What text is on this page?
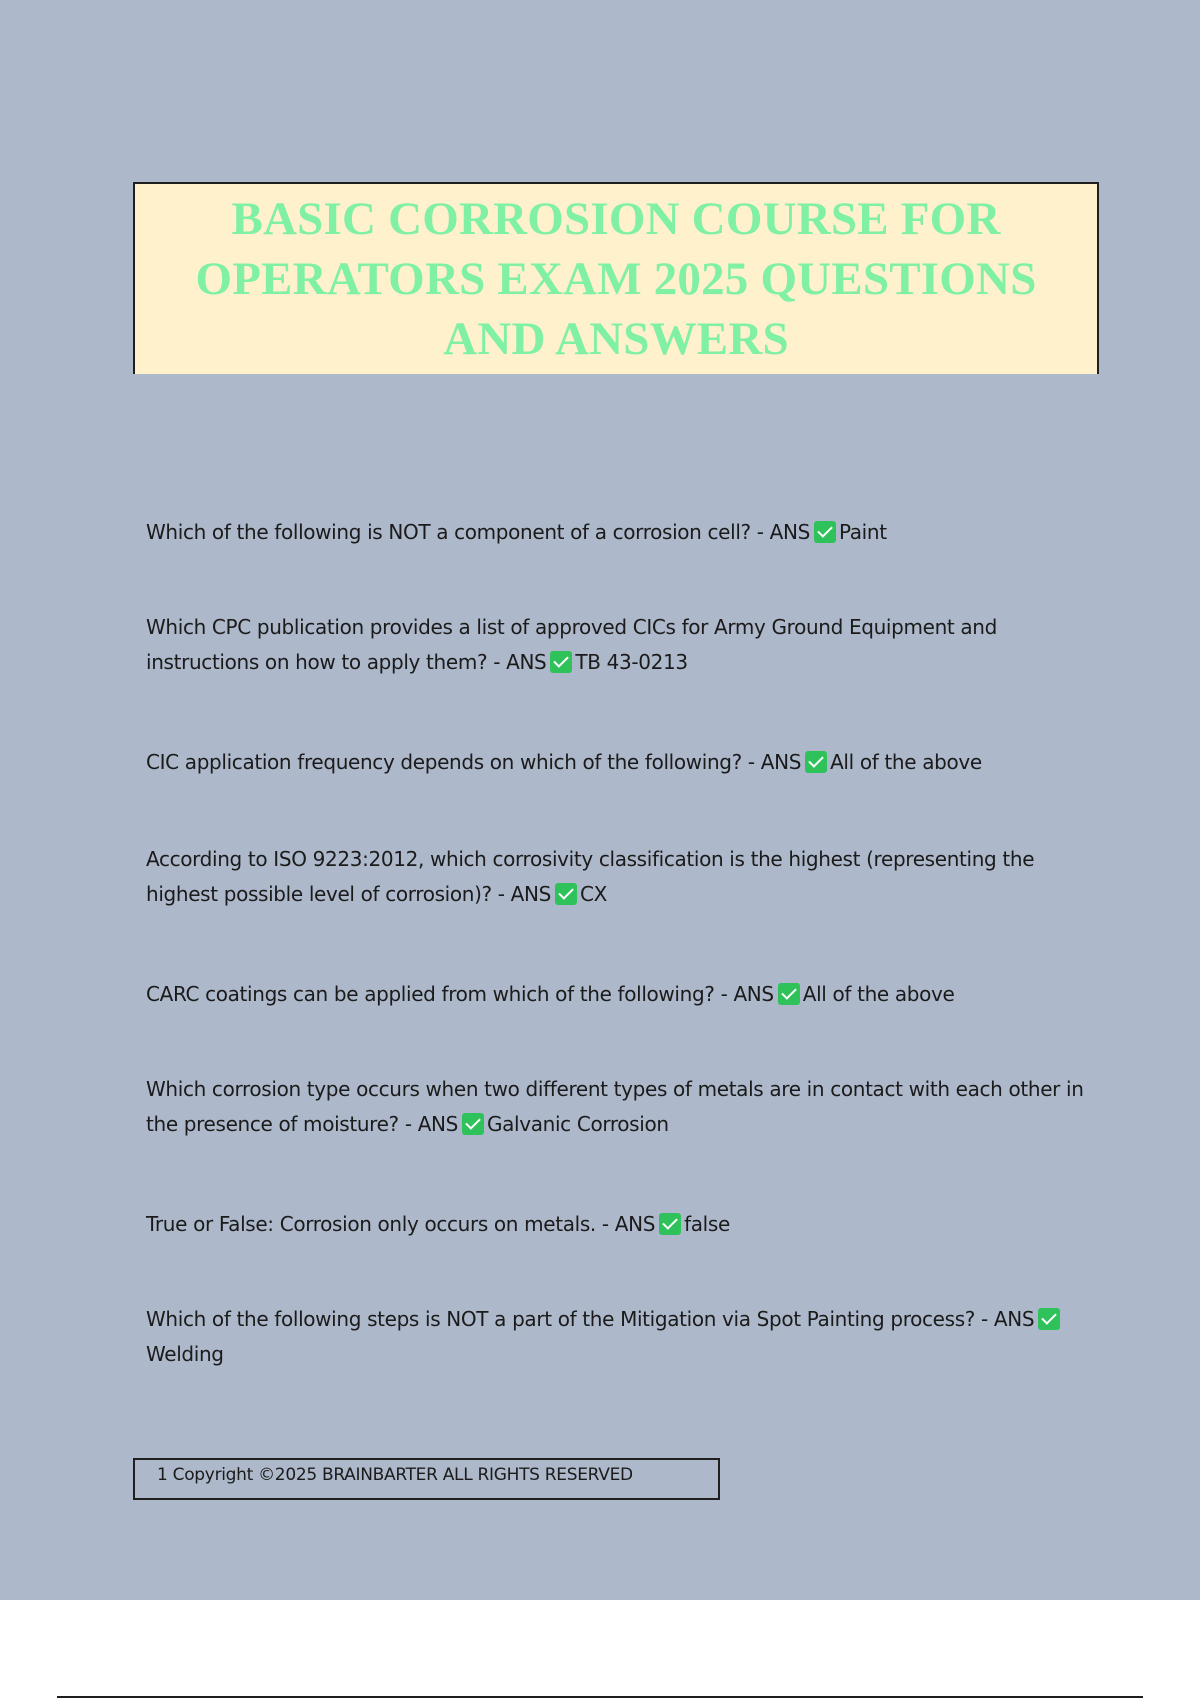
BASIC CORROSION COURSE FOR OPERATORS EXAM 2025 QUESTIONS AND ANSWERS

Which of the following is NOT a component of a corrosion cell? - ANS Paint

Which CPC publication provides a list of approved CICs for Army Ground Equipment and instructions on how to apply them? - ANS TB 43-0213

CIC application frequency depends on which of the following? - ANS All of the above

According to ISO 9223:2012, which corrosivity classification is the highest (representing the highest possible level of corrosion)? - ANS CX

CARC coatings can be applied from which of the following? - ANS All of the above

Which corrosion type occurs when two different types of metals are in contact with each other in the presence of moisture? - ANS Galvanic Corrosion

True or False: Corrosion only occurs on metals. - ANS false

Which of the following steps is NOT a part of the Mitigation via Spot Painting process? - ANSWelding

1 Copyright ©2025 BRAINBARTER ALL RIGHTS RESERVED
